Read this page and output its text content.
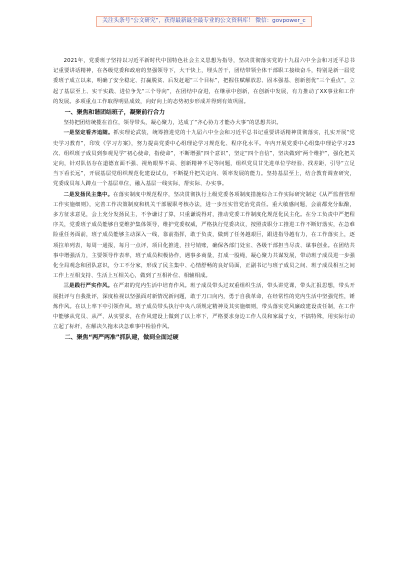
关注头条号“公文研究”，获得最新最全最专业的公文资料库！ 微信：govpower_c

2021年，党委班子坚持以习近平新时代中国特色社会主义思想为指导，坚决贯彻落实党的十九届六中全会和习近平总书记重要讲话精神，在各级党委和政府的坚强领导下，大干快上，埋头苦干，团结带领全体干部职工接续奋斗，特别是新一届党委班子成立以来，明确了安全稳定、打赢脱贫、后发赶超“三个目标”，把握住赋解放思、固本强基、创新创优“三个重点”，立起了基层至上、实干实践、进位争先“三个导向”，在团结中奋进，在继承中创新，在创新中发展，有力推动了XX事业和工作的发展。多项重点工作取得明显成效，向好向上的态势初步形成并得到有效巩固。

一、聚焦和谐团结班子，凝聚前行合力

坚持把团结统揽在首位，领导带头，凝心聚力，达成了“齐心协力才能办大事”的思想共识。

一是坚定看齐追随。抓实理论武装，统筹推进党的十九届六中全会和习近平总书记重要讲话精神贯彻落实，扎实开展“党史学习教育”，印发《学习方案》，努力提高党委中心组理论学习规范化、程序化水平。年内开展党委中心组集中理论学习23次、组织班子成员到参观见学“初心使命，指使命”，不断增强“四个意识”，坚定“四个自信”，坚决做到“两个维护”，强化把关定向，针对队伍存在道德直面不强、视角眼界不高、创新精神不足等问题，组织党员甘先进单位学经验、找差距，引导“立足当下看长远”，开展基层党组织规范化建设试点，不断提升把关定向、领率发展的能力。坚持基层至上，结合教育调查研究，党委成员每人蹲点一个基层单位，融入基层一线实际，帮实际、办实事。

二是发扬民主集中。在落实制度中规范程序，坚决贯彻执行上级党委各项制度措施综合工作实际研究制定《从严监督管理工作实施细则》，完善工作决策制度和机关干部履职考核办法，进一步压实管党治党责任。重大敏感问题，会前都充分酝酿，多方征求意见，会上充分发扬民主，不争谦讨了算，只重谦说得对，推动党委工作制度化规范化民主化。在分工负责中严把程序关，党委班子成员能够自觉维护集体领导，维护党委权威，严格执行党委决议，按照责职分工推进工作不断好落实，在急难险重任务面前，班子成员能够主动深入一线，靠前指挥，敢于负责，做到了任务越艰巨，跟进指导越有力，在工作落实上，逐项拉单列表，每周一通报，每月一点评，项目化推进，挂号销账，确保各部门处室、各级干部担当尽责、谋事创业。在团结共事中增强活力，主要领导作表率，班子成员积极协作，遇事多商量，打成一股绳，凝心聚力共谋发展，带动班子成员进一步强化全局观念和团队意识，分工不分家，形成了民主集中、心情舒畅的良好局面，正副书记与班子成员之间、班子成员相互之间工作上互相支持、生活上互相关心，做到了互相补位、相辅相成。

三是践行严实作风。在严肃的党内生活中培育作风。班子成员带头过双重组织生活，带头讲党课，带头汇报思想，带头开展批评与自我批评，深度检视以坚强面对新情况新问题，敢于刀口向内，勇于自我革命，在经常性的党内生活中坚强党性，锤炼作风。在以上率下中引领作风。班子成员带头执行中央八项规定精神及其实施细则，带头落实党风廉政建设责任制，在工作中能够从党员、从严、从实要求，在作风建设上做到了以上率下，严格要求身边工作人员和家属子女，不搞特殊，用实际行动立起了标杆，在解决久拖未决急难事中检验作风。

二、聚焦“两严两准”抓队建，做到全面过硬
